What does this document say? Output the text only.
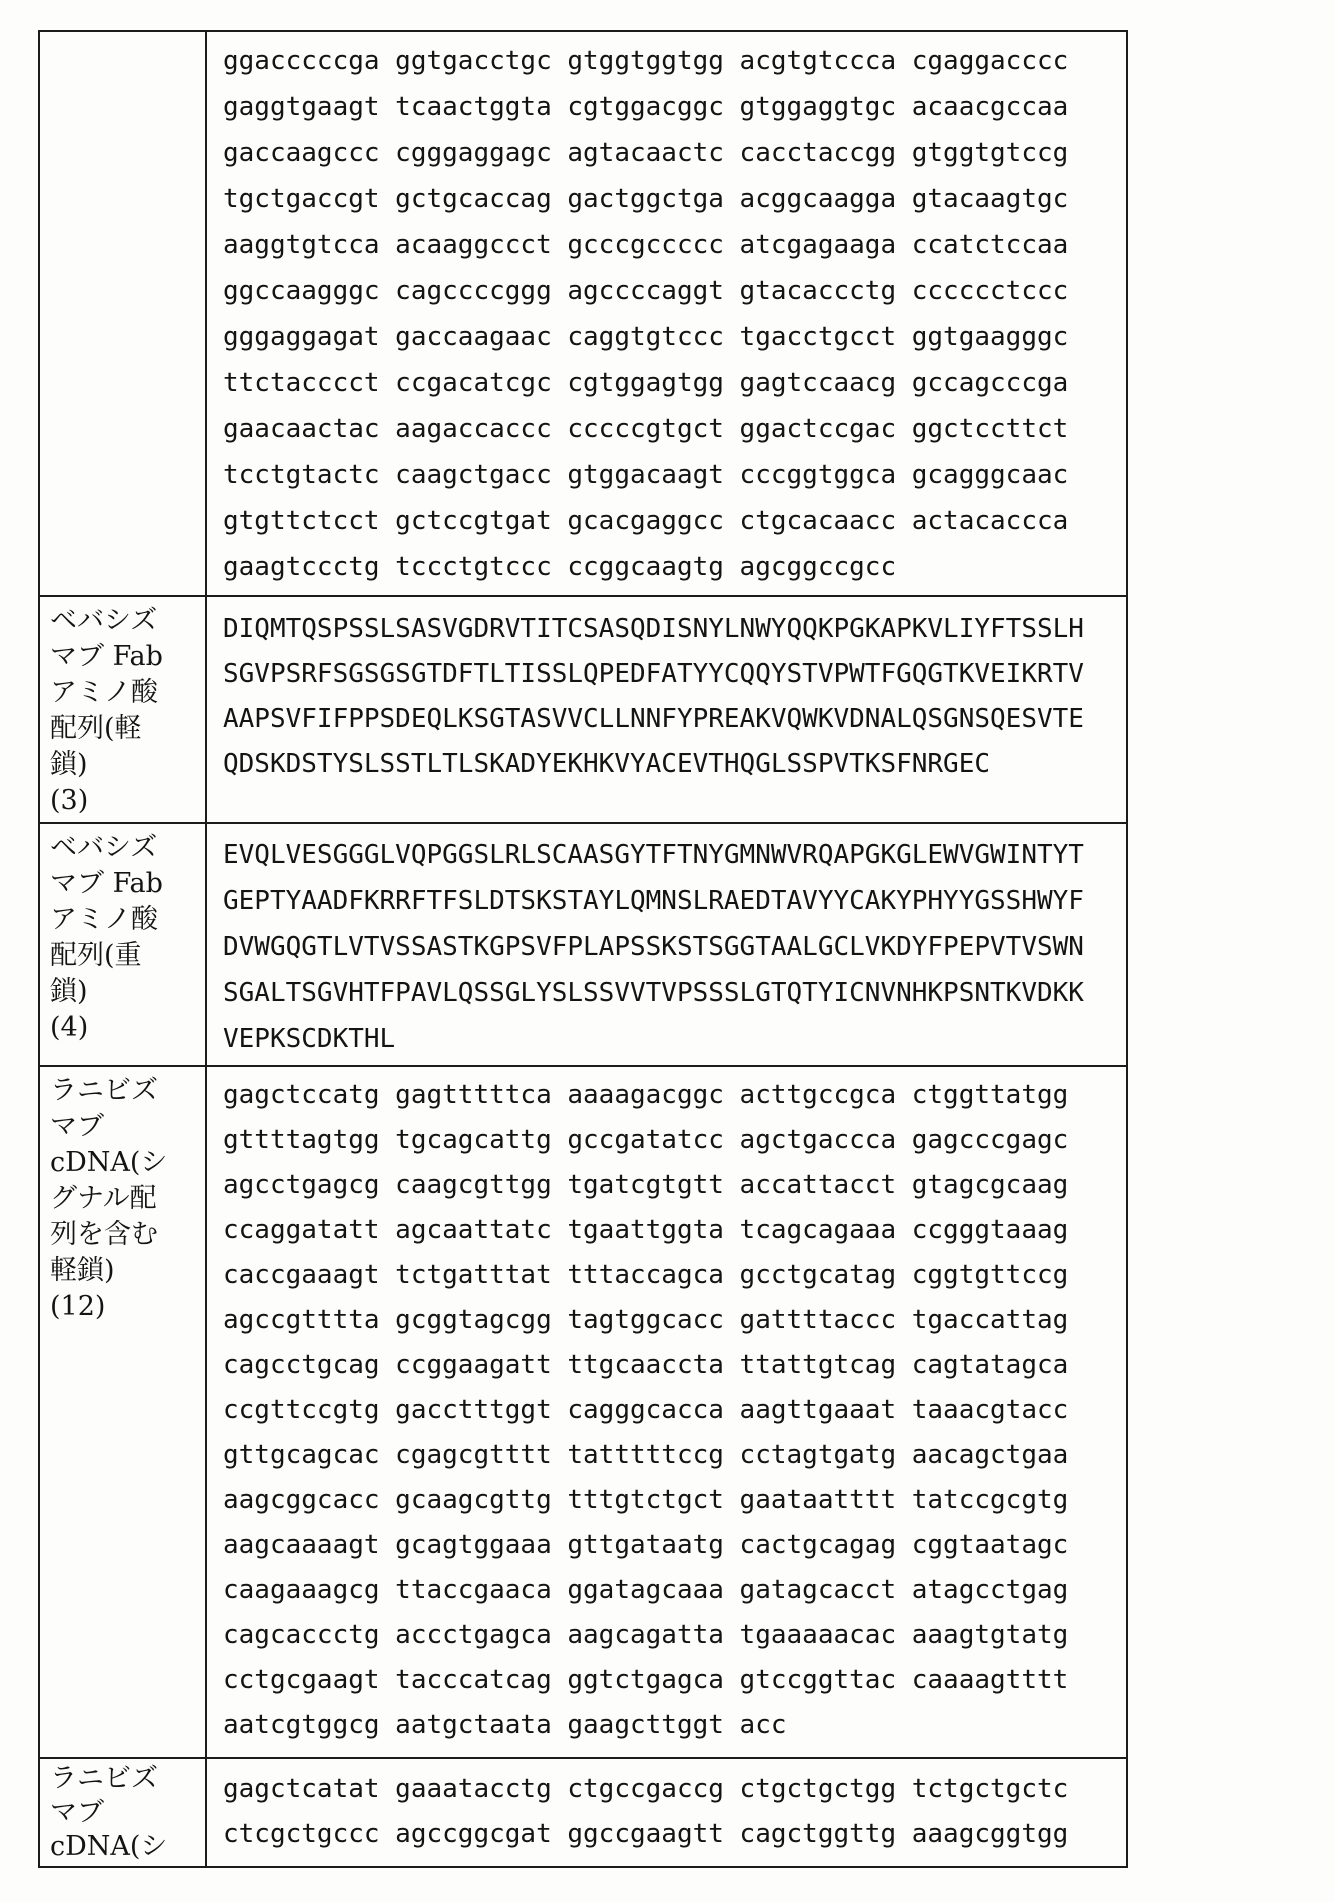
ggacccccga ggtgacctgc gtggtggtgg acgtgtccca cgaggacccc
gaggtgaagt tcaactggta cgtggacggc gtggaggtgc acaacgccaa
gaccaagccc cgggaggagc agtacaactc cacctaccgg gtggtgtccg
tgctgaccgt gctgcaccag gactggctga acggcaagga gtacaagtgc
aaggtgtcca acaaggccct gcccgccccc atcgagaaga ccatctccaa
ggccaagggc cagccccggg agccccaggt gtacaccctg cccccctccc
gggaggagat gaccaagaac caggtgtccc tgacctgcct ggtgaagggc
ttctacccct ccgacatcgc cgtggagtgg gagtccaacg gccagcccga
gaacaactac aagaccaccc cccccgtgct ggactccgac ggctccttct
tcctgtactc caagctgacc gtggacaagt cccggtggca gcagggcaac
gtgttctcct gctccgtgat gcacgaggcc ctgcacaacc actacaccca
gaagtccctg tccctgtccc ccggcaagtg agcggccgcc
ベバシズ
マブ Fab
アミノ酸
配列(軽
鎖)
(3)
DIQMTQSPSSLSASVGDRVTITCSASQDISNYLNWYQQKPGKAPKVLIYFTSSLH
SGVPSRFSGSGSGTDFTLTISSLQPEDFATYYCQQYSTVPWTFGQGTKVEIKRTV
AAPSVFIFPPSDEQLKSGTASVVCLLNNFYPREAKVQWKVDNALQSGNSQESVTE
QDSKDSTYSLSSTLTLSKADYEKHKVYACEVTHQGLSSPVTKSFNRGEC
ベバシズ
マブ Fab
アミノ酸
配列(重
鎖)
(4)
EVQLVESGGGLVQPGGSLRLSCAASGYTFTNYGMNWVRQAPGKGLEWVGWINTYT
GEPTYAADFKRRFTFSLDTSKSTAYLQMNSLRAEDTAVYYCAKYPHYYGSSHWYF
DVWGQGTLVTVSSASTKGPSVFPLAPSSKSTSGGTAALGCLVKDYFPEPVTVSWN
SGALTSGVHTFPAVLQSSGLYSLSSVVTVPSSSLGTQTYICNVNHKPSNTKVDKK
VEPKSCDKTHL
ラニビズ
マブ
cDNA(シ
グナル配
列を含む
軽鎖)
(12)
gagctccatg gagtttttca aaaagacggc acttgccgca ctggttatgg
gttttagtgg tgcagcattg gccgatatcc agctgaccca gagcccgagc
agcctgagcg caagcgttgg tgatcgtgtt accattacct gtagcgcaag
ccaggatatt agcaattatc tgaattggta tcagcagaaa ccgggtaaag
caccgaaagt tctgatttat tttaccagca gcctgcatag cggtgttccg
agccgtttta gcggtagcgg tagtggcacc gattttaccc tgaccattag
cagcctgcag ccggaagatt ttgcaaccta ttattgtcag cagtatagca
ccgttccgtg gacctttggt cagggcacca aagttgaaat taaacgtacc
gttgcagcac cgagcgtttt tatttttccg cctagtgatg aacagctgaa
aagcggcacc gcaagcgttg tttgtctgct gaataatttt tatccgcgtg
aagcaaaagt gcagtggaaa gttgataatg cactgcagag cggtaatagc
caagaaagcg ttaccgaaca ggatagcaaa gatagcacct atagcctgag
cagcaccctg accctgagca aagcagatta tgaaaaacac aaagtgtatg
cctgcgaagt tacccatcag ggtctgagca gtccggttac caaaagtttt
aatcgtggcg aatgctaata gaagcttggt acc
ラニビズ
マブ
cDNA(シ
gagctcatat gaaatacctg ctgccgaccg ctgctgctgg tctgctgctc
ctcgctgccc agccggcgat ggccgaagtt cagctggttg aaagcggtgg
